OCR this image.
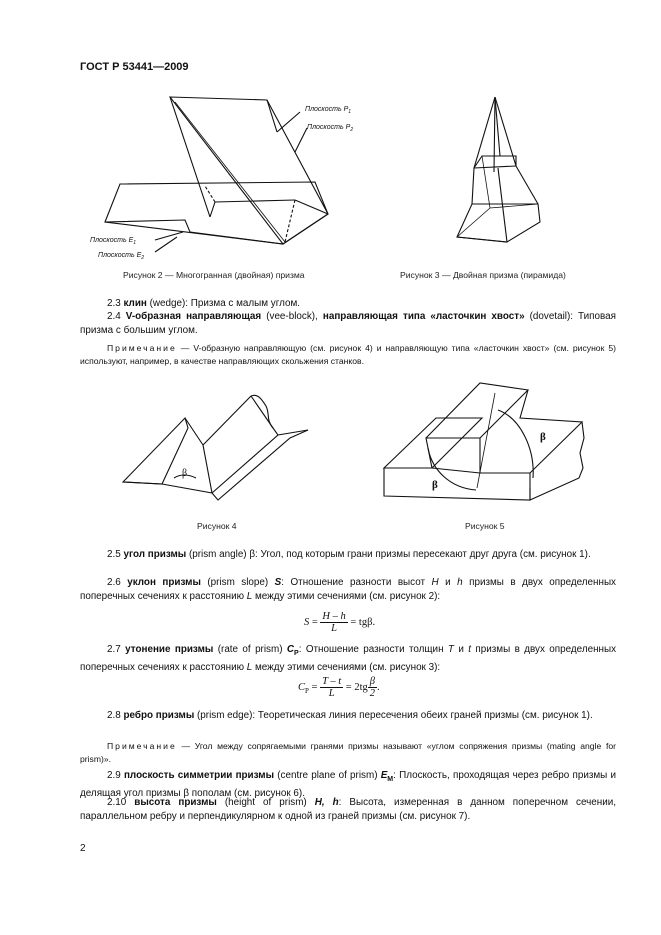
ГОСТ Р 53441—2009
Плоскость $P_1$
Плоскость $P_2$
Плоскость $E_1$
Плоскость $E_2$
Рисунок 2 — Многогранная (двойная) призма	Рисунок 3 — Двойная призма (пирамида)
2.3 клин (wedge): Призма с малым углом.
2.4 V-образная направляющая (vee-block), направляющая типа «ласточкин хвост» (dovetail): Типовая призма с большим углом.
Примечание — V-образную направляющую (см. рисунок 4) и направляющую типа «ласточкин хвост» (см. рисунок 5) используют, например, в качестве направляющих скольжения станков.
β
Рисунок 4
β
β
Рисунок 5
2.5 угол призмы (prism angle) β: Угол, под которым грани призмы пересекают друг друга (см. рисунок 1).
2.6 уклон призмы (prism slope) S: Отношение разности высот H и h призмы в двух определенных поперечных сечениях к расстоянию L между этими сечениями (см. рисунок 2):
$S = \frac{H - h}{L} = tg\beta$.
2.7 утонение призмы (rate of prism) $C_P$: Отношение разности толщин T и t призмы в двух определенных поперечных сечениях к расстоянию L между этими сечениями (см. рисунок 3):
$C_P = \frac{T - t}{L} = 2tg \frac{\beta}{2}$ .
2.8 ребро призмы (prism edge): Теоретическая линия пересечения обеих граней призмы (см. рисунок 1).
Примечание — Угол между сопрягаемыми гранями призмы называют «углом сопряжения призмы (mating angle for prism)».
2.9 плоскость симметрии призмы (centre plane of prism) $E_M$: Плоскость, проходящая через ребро призмы и делящая угол призмы β пополам (см. рисунок 6).
2.10 высота призмы (height of prism) H, h: Высота, измеренная в данном поперечном сечении, параллельном ребру и перпендикулярном к одной из граней призмы (см. рисунок 7).
2
